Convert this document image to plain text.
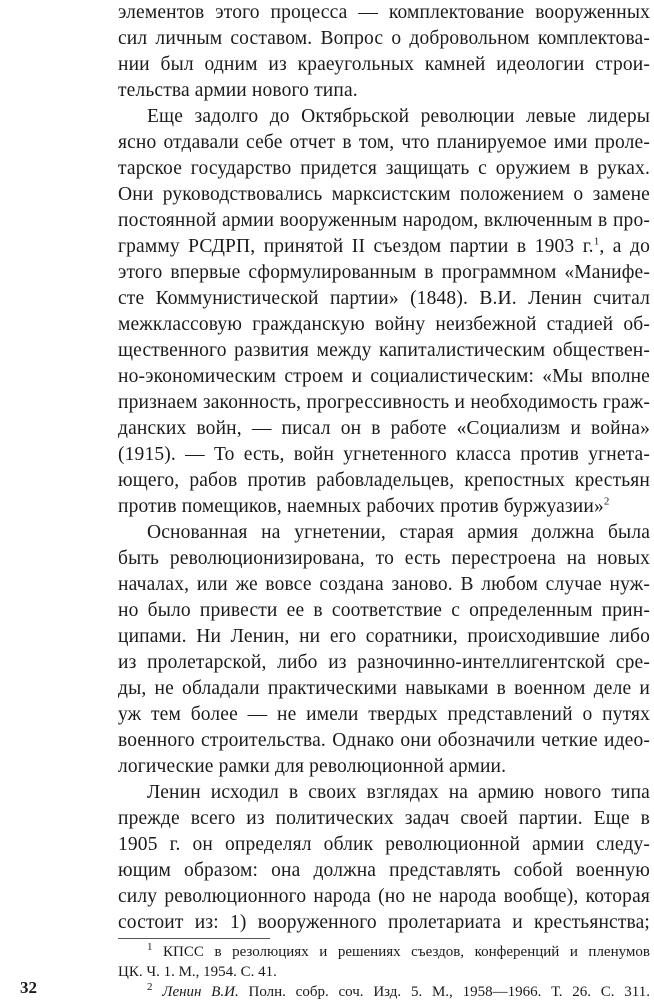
элементов этого процесса — комплектование вооруженных
сил личным составом. Вопрос о добровольном комплектова-
нии был одним из краеугольных камней идеологии строи-
тельства армии нового типа.
Еще задолго до Октябрьской революции левые лидеры
ясно отдавали себе отчет в том, что планируемое ими проле-
тарское государство придется защищать с оружием в руках.
Они руководствовались марксистским положением о замене
постоянной армии вооруженным народом, включенным в про-
грамму РСДРП, принятой II съездом партии в 1903 г.$^1$, а до
этого впервые сформулированным в программном «Манифе-
сте Коммунистической партии» (1848). В.И. Ленин считал
межклассовую гражданскую войну неизбежной стадией об-
щественного развития между капиталистическим обществен-
но-экономическим строем и социалистическим: «Мы вполне
признаем законность, прогрессивность и необходимость граж-
данских войн, — писал он в работе «Социализм и война»
(1915). — То есть, войн угнетенного класса против угнета-
ющего, рабов против рабовладельцев, крепостных крестьян
против помещиков, наемных рабочих против буржуазии»$^2$
Основанная на угнетении, старая армия должна была
быть революционизирована, то есть перестроена на новых
началах, или же вовсе создана заново. В любом случае нуж-
но было привести ее в соответствие с определенным прин-
ципами. Ни Ленин, ни его соратники, происходившие либо
из пролетарской, либо из разночинно-интеллигентской сре-
ды, не обладали практическими навыками в военном деле и
уж тем более — не имели твердых представлений о путях
военного строительства. Однако они обозначили четкие идео-
логические рамки для революционной армии.
Ленин исходил в своих взглядах на армию нового типа
прежде всего из политических задач своей партии. Еще в
1905 г. он определял облик революционной армии следу-
ющим образом: она должна представлять собой военную
силу революционного народа (но не народа вообще), которая
состоит из: 1) вооруженного пролетариата и крестьянства;
$^1$ КПСС в резолюциях и решениях съездов, конференций и пленумов
ЦК. Ч. 1. М., 1954. С. 41.
$^2$ Ленин В.И. Полн. собр. соч. Изд. 5. М., 1958—1966. Т. 26. С. 311.
32
